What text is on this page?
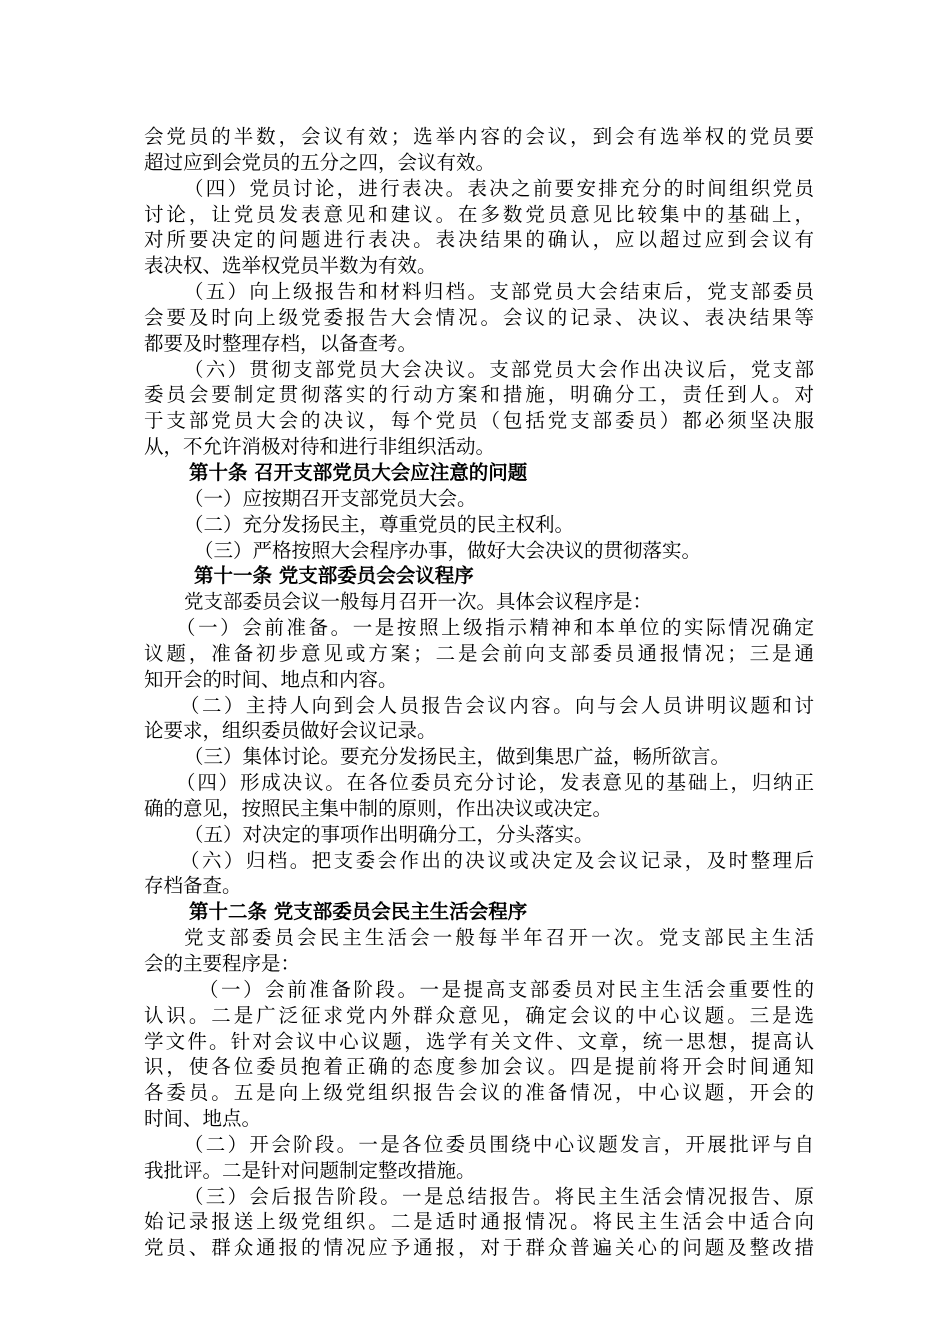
会党员的半数，会议有效；选举内容的会议，到会有选举权的党员要
超过应到会党员的五分之四，会议有效。
（四）党员讨论，进行表决。表决之前要安排充分的时间组织党员
讨论，让党员发表意见和建议。在多数党员意见比较集中的基础上，
对所要决定的问题进行表决。表决结果的确认，应以超过应到会议有
表决权、选举权党员半数为有效。
（五）向上级报告和材料归档。支部党员大会结束后，党支部委员
会要及时向上级党委报告大会情况。会议的记录、决议、表决结果等
都要及时整理存档，以备查考。
（六）贯彻支部党员大会决议。支部党员大会作出决议后，党支部
委员会要制定贯彻落实的行动方案和措施，明确分工，责任到人。对
于支部党员大会的决议，每个党员（包括党支部委员）都必须坚决服
从，不允许消极对待和进行非组织活动。
第十条 召开支部党员大会应注意的问题
（一）应按期召开支部党员大会。
（二）充分发扬民主，尊重党员的民主权利。
（三）严格按照大会程序办事，做好大会决议的贯彻落实。
第十一条 党支部委员会会议程序
党支部委员会议一般每月召开一次。具体会议程序是：
（一）会前准备。一是按照上级指示精神和本单位的实际情况确定
议题，准备初步意见或方案；二是会前向支部委员通报情况；三是通
知开会的时间、地点和内容。
（二）主持人向到会人员报告会议内容。向与会人员讲明议题和讨
论要求，组织委员做好会议记录。
（三）集体讨论。要充分发扬民主，做到集思广益，畅所欲言。
（四）形成决议。在各位委员充分讨论，发表意见的基础上，归纳正
确的意见，按照民主集中制的原则，作出决议或决定。
（五）对决定的事项作出明确分工，分头落实。
（六）归档。把支委会作出的决议或决定及会议记录，及时整理后
存档备查。
第十二条 党支部委员会民主生活会程序
党支部委员会民主生活会一般每半年召开一次。党支部民主生活
会的主要程序是：
（一）会前准备阶段。一是提高支部委员对民主生活会重要性的
认识。二是广泛征求党内外群众意见，确定会议的中心议题。三是选
学文件。针对会议中心议题，选学有关文件、文章，统一思想，提高认
识，使各位委员抱着正确的态度参加会议。四是提前将开会时间通知
各委员。五是向上级党组织报告会议的准备情况，中心议题，开会的
时间、地点。
（二）开会阶段。一是各位委员围绕中心议题发言，开展批评与自
我批评。二是针对问题制定整改措施。
（三）会后报告阶段。一是总结报告。将民主生活会情况报告、原
始记录报送上级党组织。二是适时通报情况。将民主生活会中适合向
党员、群众通报的情况应予通报，对于群众普遍关心的问题及整改措
